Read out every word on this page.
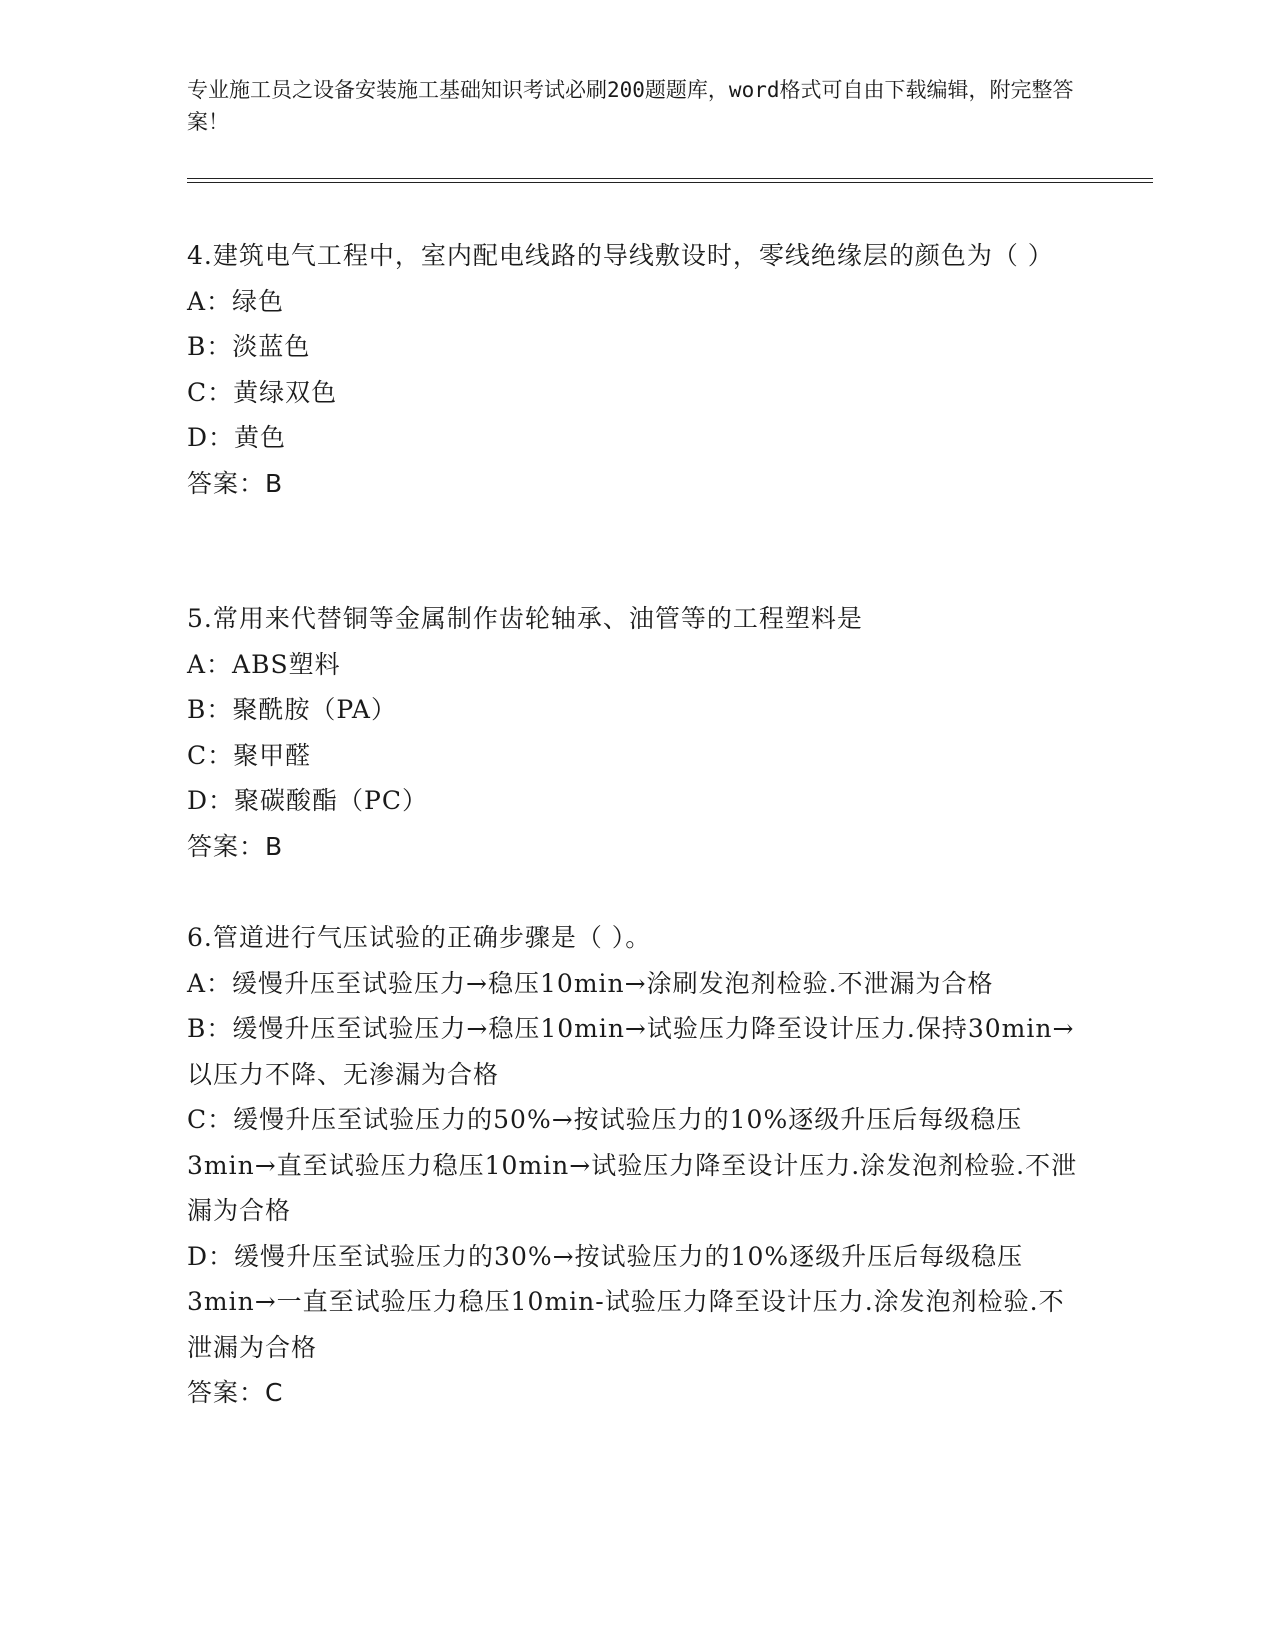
专业施工员之设备安装施工基础知识考试必刷200题题库，word格式可自由下载编辑，附完整答案！
4.建筑电气工程中，室内配电线路的导线敷设时，零线绝缘层的颜色为（ ）
A：绿色
B：淡蓝色
C：黄绿双色
D：黄色
答案：B
5.常用来代替铜等金属制作齿轮轴承、油管等的工程塑料是
A：ABS塑料
B：聚酰胺（PA）
C：聚甲醛
D：聚碳酸酯（PC）
答案：B
6.管道进行气压试验的正确步骤是（ ）。
A：缓慢升压至试验压力→稳压10min→涂刷发泡剂检验.不泄漏为合格
B：缓慢升压至试验压力→稳压10min→试验压力降至设计压力.保持30min→以压力不降、无渗漏为合格
C：缓慢升压至试验压力的50%→按试验压力的10%逐级升压后每级稳压3min→直至试验压力稳压10min→试验压力降至设计压力.涂发泡剂检验.不泄漏为合格
D：缓慢升压至试验压力的30%→按试验压力的10%逐级升压后每级稳压3min→一直至试验压力稳压10min-试验压力降至设计压力.涂发泡剂检验.不泄漏为合格
答案：C
